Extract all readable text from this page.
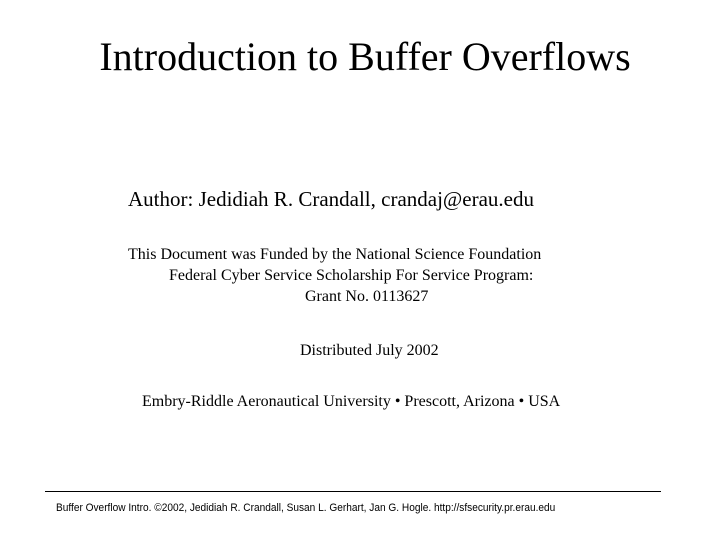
Introduction to Buffer Overflows
Author: Jedidiah R. Crandall, crandaj@erau.edu
This Document was Funded by the National Science Foundation
Federal Cyber Service Scholarship For Service Program:
Grant No. 0113627
Distributed July 2002
Embry-Riddle Aeronautical University • Prescott, Arizona • USA
Buffer Overflow Intro. ©2002, Jedidiah R. Crandall, Susan L. Gerhart, Jan G. Hogle. http://sfsecurity.pr.erau.edu
